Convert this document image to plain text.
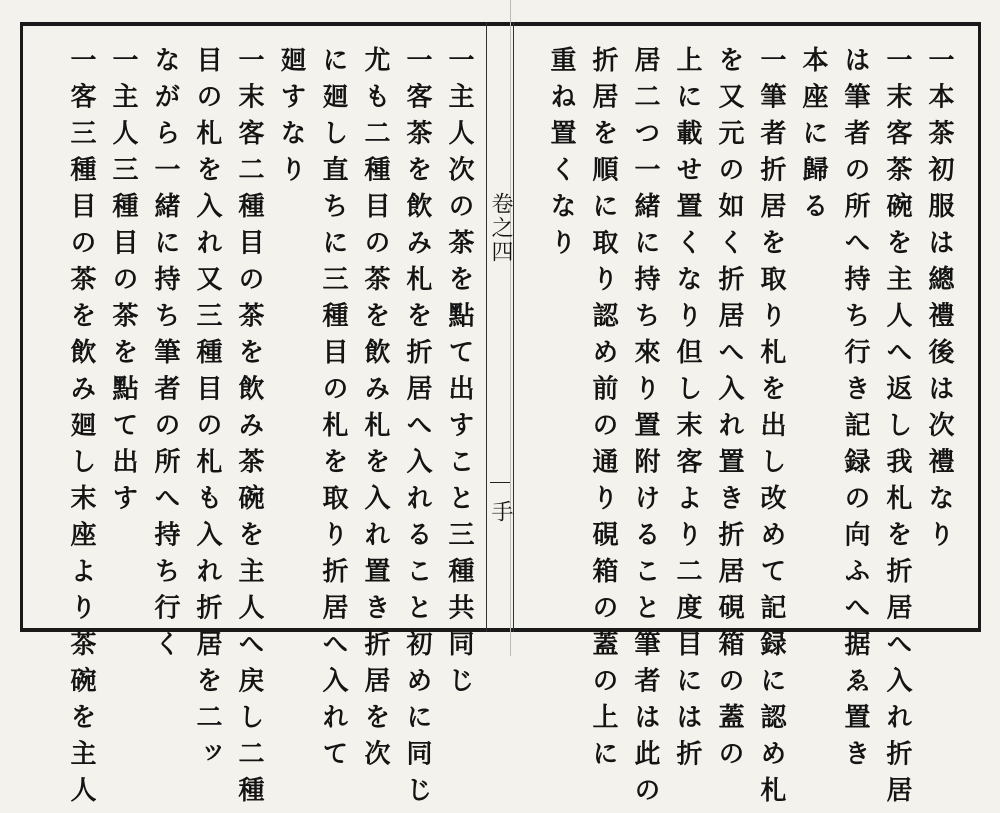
一本茶初服は總禮後は次禮なり
一末客茶碗を主人へ返し我札を折居へ入れ折居
は筆者の所へ持ち行き記録の向ふへ据ゑ置き
本座に歸る
一筆者折居を取り札を出し改めて記録に認め札
を又元の如く折居へ入れ置き折居硯箱の蓋の
上に載せ置くなり但し末客より二度目には折
居二つ一緒に持ち來り置附けること筆者は此の
折居を順に取り認め前の通り硯箱の蓋の上に
重ね置くなり
卷之四
手
一主人次の茶を點て出すこと三種共同じ
一客茶を飲み札を折居へ入れること初めに同じ
尤も二種目の茶を飲み札を入れ置き折居を次
に廻し直ちに三種目の札を取り折居へ入れて
廻すなり
一末客二種目の茶を飲み茶碗を主人へ戻し二種
目の札を入れ又三種目の札も入れ折居を二ッ
ながら一緒に持ち筆者の所へ持ち行く
一主人三種目の茶を點て出す
一客三種目の茶を飲み廻し末座より茶碗を主人
